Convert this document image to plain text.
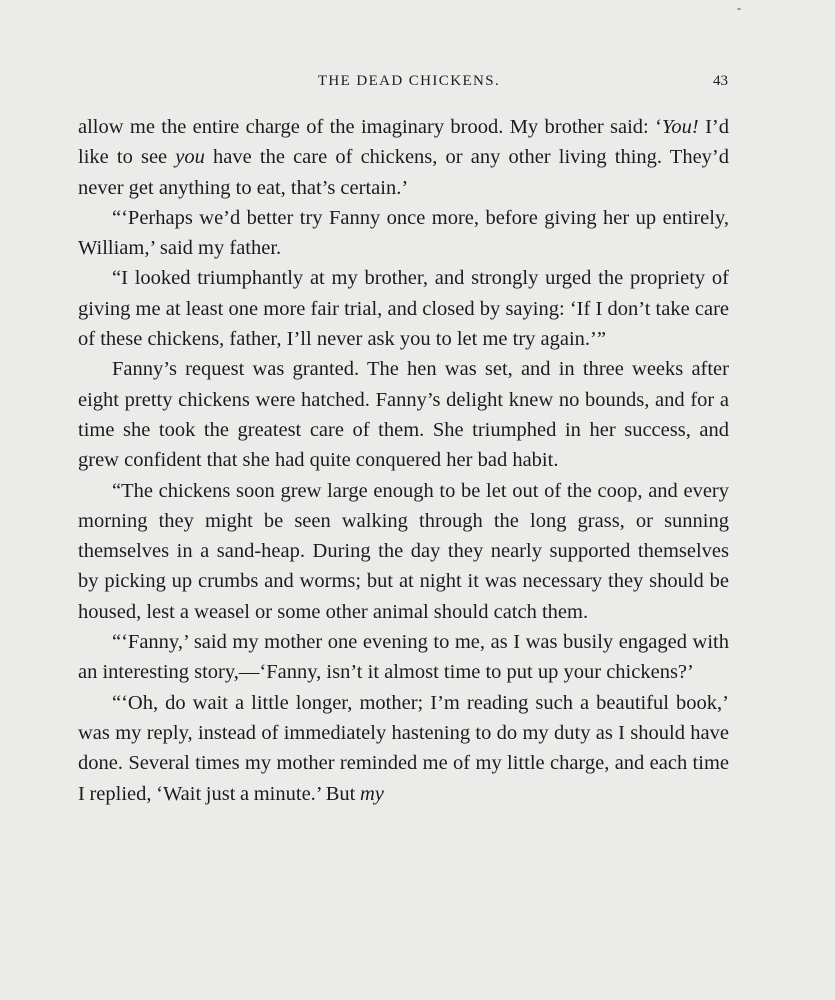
THE DEAD CHICKENS.	43

allow me the entire charge of the imaginary brood. My brother said: ‘You! I’d like to see you have the care of chickens, or any other living thing. They’d never get anything to eat, that’s certain.’

“‘Perhaps we’d better try Fanny once more, before giving her up entirely, William,’ said my father.

“I looked triumphantly at my brother, and strongly urged the propriety of giving me at least one more fair trial, and closed by saying: ‘If I don’t take care of these chickens, father, I’ll never ask you to let me try again.’”

Fanny’s request was granted. The hen was set, and in three weeks after eight pretty chickens were hatched. Fanny’s delight knew no bounds, and for a time she took the greatest care of them. She triumphed in her success, and grew confident that she had quite conquered her bad habit.

“The chickens soon grew large enough to be let out of the coop, and every morning they might be seen walking through the long grass, or sunning themselves in a sand-heap. During the day they nearly supported themselves by picking up crumbs and worms; but at night it was necessary they should be housed, lest a weasel or some other animal should catch them.

“‘Fanny,’ said my mother one evening to me, as I was busily engaged with an interesting story,—‘Fanny, isn’t it almost time to put up your chickens?’

“‘Oh, do wait a little longer, mother; I’m reading such a beautiful book,’ was my reply, instead of immediately hastening to do my duty as I should have done. Several times my mother reminded me of my little charge, and each time I replied, ‘Wait just a minute.’ But my
